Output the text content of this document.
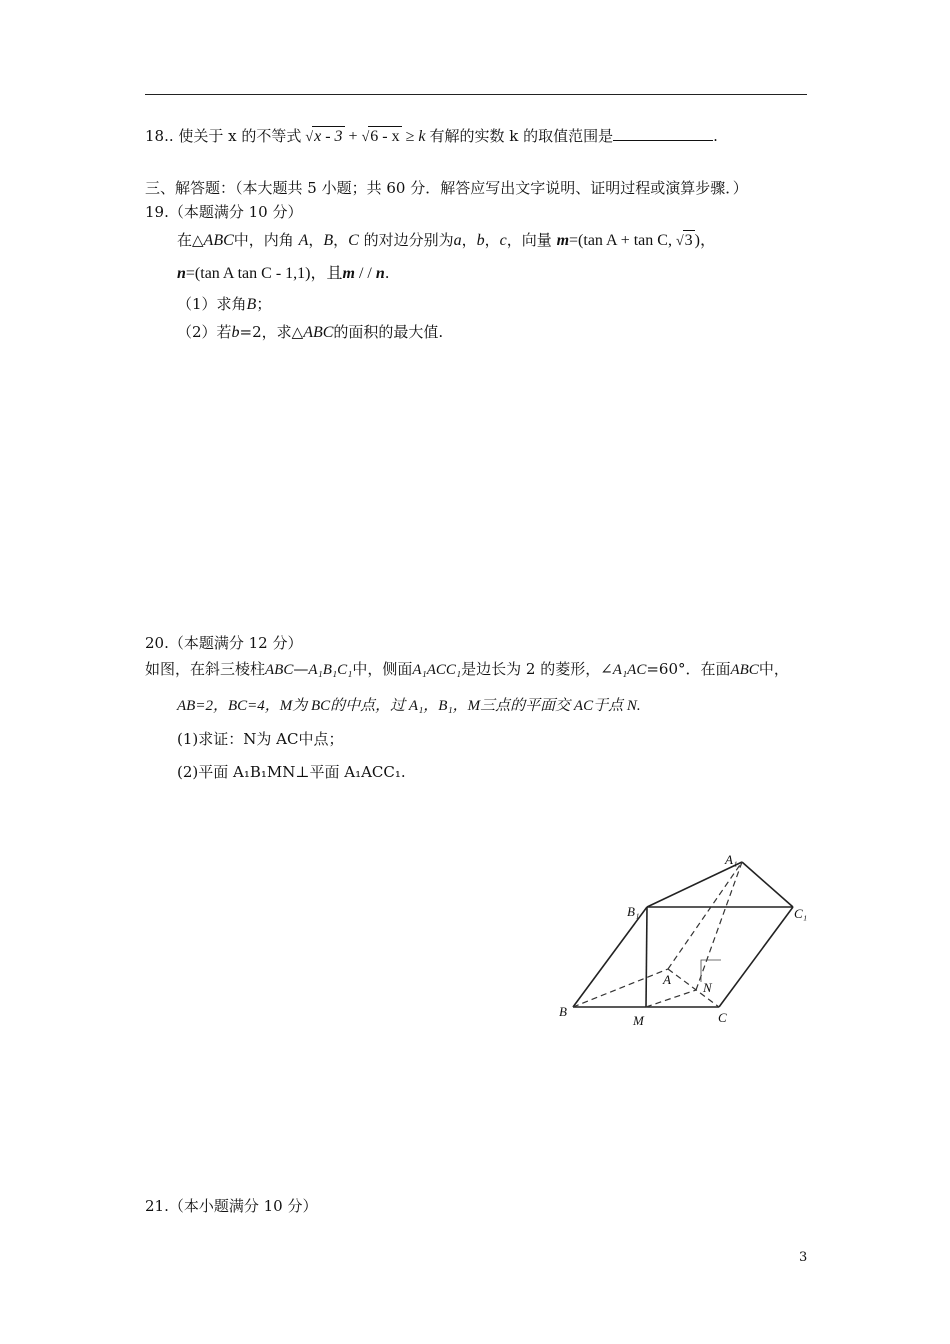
18.. 使关于 x 的不等式 √x - 3 + √6 - x ≥ k 有解的实数 k 的取值范围是	.
三、解答题：（本大题共 5 小题；共 60 分．解答应写出文字说明、证明过程或演算步骤．）
19.（本题满分 10 分）
在△ABC中，内角 A，B，C 的对边分别为a，b，c，向量 m=(tan A + tan C, √3 )，
n=(tan A tan C - 1,1)，且m / / n.
（1）求角B；
（2）若b=2，求△ABC的面积的最大值.
20.（本题满分 12 分）
如图，在斜三棱柱ABC—A₁B₁C₁中，侧面A₁ACC₁是边长为 2 的菱形，∠A₁AC=60°．在面ABC中，
AB=2，BC=4，M为 BC的中点，过 A₁，B₁，M三点的平面交 AC于点 N.
(1)求证：N为 AC中点；
(2)平面 A₁B₁MN⊥平面 A₁ACC₁.
A₁
B₁	C₁
A
N
B
M	C
21.（本小题满分 10 分）
3
